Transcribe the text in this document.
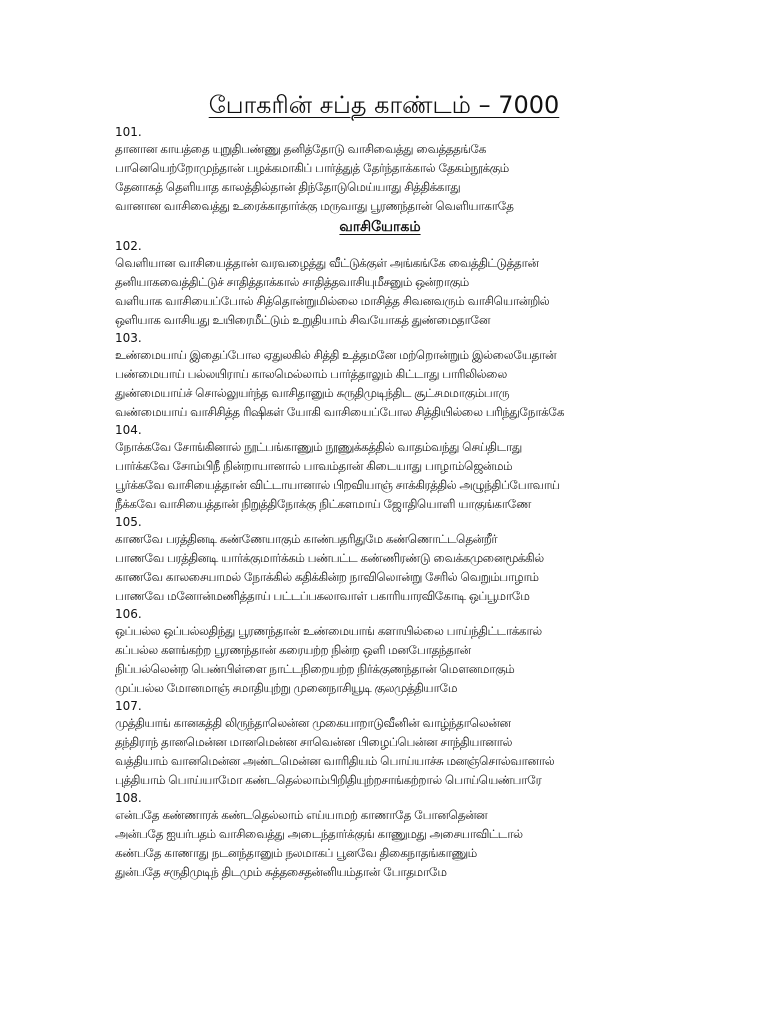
போகரின் சப்த காண்டம் – 7000
101.
தானான காயத்தை யுறுதிபண்ணு தனித்தோடு வாசிவைத்து வைத்ததங்கே
பானெயெற்றோமுந்தான் பழக்கமாகிப் பார்த்துத் தேர்ந்தாக்கால் தேகம்நூக்கும்
தேனாகத் தெளியாத காலத்தில்தான் திந்தோடுமெய்யாது சித்திக்காது
வானான வாசிவைத்து உரைக்காதார்க்கு மருவாது பூரணந்தான் வெளியாகாதே
வாசியோகம்
102.
வெளியான வாசியைத்தான் வரவழைத்து வீட்டுக்குள் அங்கங்கே வைத்திட்டுத்தான்
தனியாகவைத்திட்டுச் சாதித்தாக்கால் சாதித்தவாசியுமீசனும் ஒன்றாகும்
வளியாக வாசியைப்போல் சித்தொன்றுமில்லை மாசித்த சிவனவரும் வாசியொன்றில்
ஒளியாக வாசியது உயிரைமீட்டும் உறுதியாம் சிவயோகத் துண்மைதானே
103.
உண்மையாய் இதைப்போல ஏதுலகில் சித்தி உத்தமனே மற்றொன்றும் இல்லையேதான்
பண்மையாய் பல்லயிராய் காலமெல்லாம் பார்த்தாலும் கிட்டாது பாரிலில்லை
துண்மையாய்ச் சொல்லுயர்ந்த வாசிதானும் சுருதிமுடிந்திட சூட்சமமாகும்பாரு
வண்மையாய் வாசிசித்த ரிஷிகள் யோகி வாசியைப்போல சித்தியில்லை பரிந்துநோக்கே
104.
நோக்கவே சோங்கினால் நூட்பங்காணும் நூணுக்கத்தில் வாதம்வந்து செய்திடாது
பார்க்கவே சோம்பிநீ நின்றாயானால் பாவம்தான் கிடையாது பாழாம்ஜென்மம்
பூர்க்கவே வாசியைத்தான் விட்டாயானால் பிறவியாஞ் சாக்கிரத்தில் அழுந்திப்போவாய்
நீக்கவே வாசியைத்தான் நிறுத்திநோக்கு நிட்களமாய் ஜோதியொளி யாகுங்காணே
105.
காணவே பரத்தினடி கண்ணேயாகும் காண்பதரிதுமே கண்ணொட்டதென்றீர்
பாணவே பரத்தினடி யார்க்குமார்க்கம் பண்பட்ட கண்ணிரண்டு வைக்கமுனைமூக்கில்
காணவே காலசையாமல் நோக்கில் கதிக்கின்ற நாவிலொன்று சேரில் வெறும்பாழாம்
பாணவே மனோன்மணித்தாய் பட்டப்பகலாவாள் பகாரியாரவிகோடி ஒப்பூமாமே
106.
ஒப்பல்ல ஒப்பல்லதிந்து பூரணந்தான் உண்மையாங் களாயில்லை பாய்ந்திட்டாக்கால்
கப்பல்ல களங்கற்ற பூரணந்தான் கரையற்ற நின்ற ஒளி மனபோதந்தான்
நிப்பல்லென்ற பெண்பிள்ளை நாட்டநிறையற்ற நிர்க்குணந்தான் மௌனமாகும்
முப்பல்ல மோனமாஞ் சமாதியுற்று முனைநாசியூடி குலமுத்தியாமே
107.
முத்தியாங் கானகத்தி லிருந்தாலென்ன முகையாறாடுவீனின் வாழ்ந்தாலென்ன
தந்திராந் தானமென்ன மானமென்ன சாவென்ன பிழைப்பென்ன சாந்தியானால்
வத்தியாம் வானமென்ன அண்டமென்ன வாரிதியம் பொய்யாச்சு மனஞ்சொல்வானால்
புத்தியாம் பொய்யாமோ கண்டதெல்லாம்பிறிதியுற்றசாங்கற்றால் பொய்யெண்பாரே
108.
என்பதே கண்ணாரக் கண்டதெல்லாம் எய்யாமற் காணாதே போனதென்ன
அன்பதே ஐயர்பதம் வாசிவைத்து அடைந்தார்க்குங் காணுமது அசையாவிட்டால்
கண்பதே காணாது நடனந்தானும் நலமாகப் பூனவே திகைநாதங்காணும்
துன்பதே சருதிமுடிந் திடமும் சுத்தசைதன்னியம்தான் போதமாமே
